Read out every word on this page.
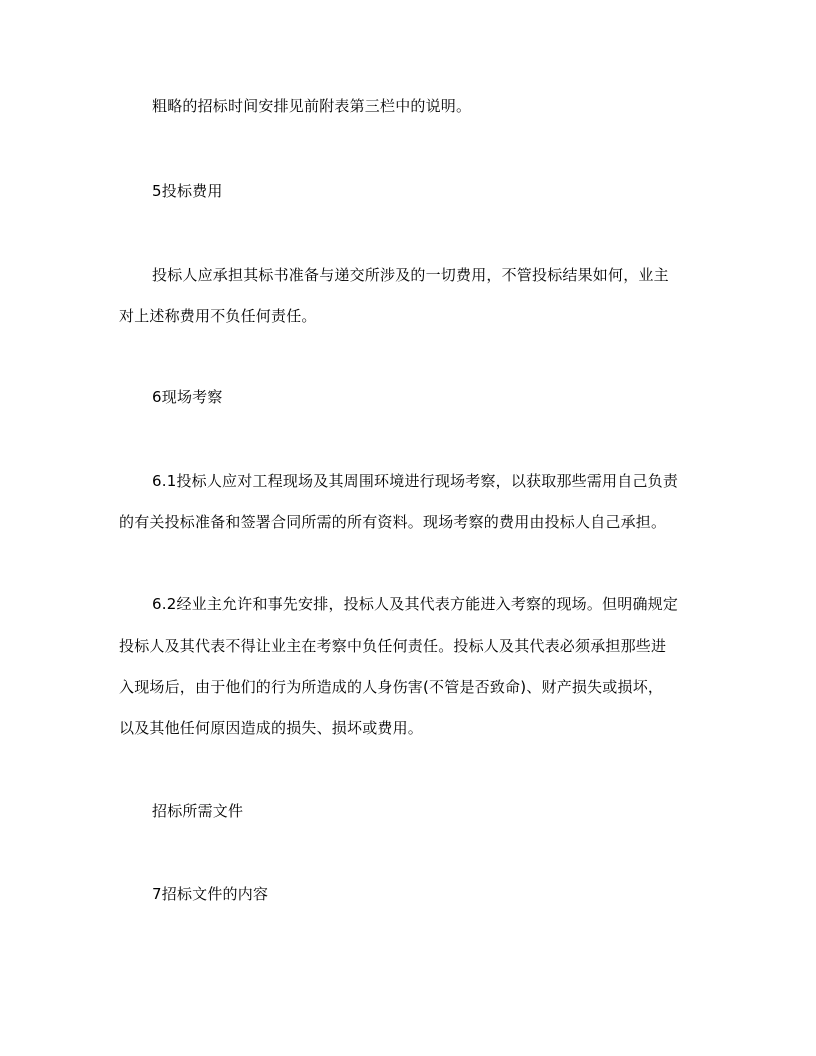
粗略的招标时间安排见前附表第三栏中的说明。
5投标费用
投标人应承担其标书准备与递交所涉及的一切费用，不管投标结果如何，业主
对上述称费用不负任何责任。
6现场考察
6.1投标人应对工程现场及其周围环境进行现场考察，以获取那些需用自己负责
的有关投标准备和签署合同所需的所有资料。现场考察的费用由投标人自己承担。
6.2经业主允许和事先安排，投标人及其代表方能进入考察的现场。但明确规定
投标人及其代表不得让业主在考察中负任何责任。投标人及其代表必须承担那些进
入现场后，由于他们的行为所造成的人身伤害(不管是否致命)、财产损失或损坏，
以及其他任何原因造成的损失、损坏或费用。
招标所需文件
7招标文件的内容
